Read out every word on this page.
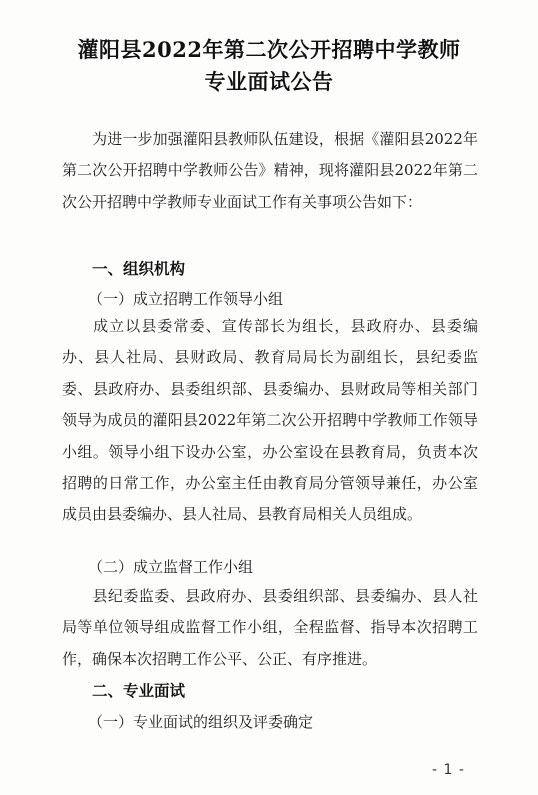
灌阳县2022年第二次公开招聘中学教师
专业面试公告
为进一步加强灌阳县教师队伍建设，根据《灌阳县2022年第二次公开招聘中学教师公告》精神，现将灌阳县2022年第二次公开招聘中学教师专业面试工作有关事项公告如下：
一、组织机构
（一）成立招聘工作领导小组
成立以县委常委、宣传部长为组长，县政府办、县委编办、县人社局、县财政局、教育局局长为副组长，县纪委监委、县政府办、县委组织部、县委编办、县财政局等相关部门领导为成员的灌阳县2022年第二次公开招聘中学教师工作领导小组。领导小组下设办公室，办公室设在县教育局，负责本次招聘的日常工作，办公室主任由教育局分管领导兼任，办公室成员由县委编办、县人社局、县教育局相关人员组成。
（二）成立监督工作小组
县纪委监委、县政府办、县委组织部、县委编办、县人社局等单位领导组成监督工作小组，全程监督、指导本次招聘工作，确保本次招聘工作公平、公正、有序推进。
二、专业面试
（一）专业面试的组织及评委确定
- 1 -
